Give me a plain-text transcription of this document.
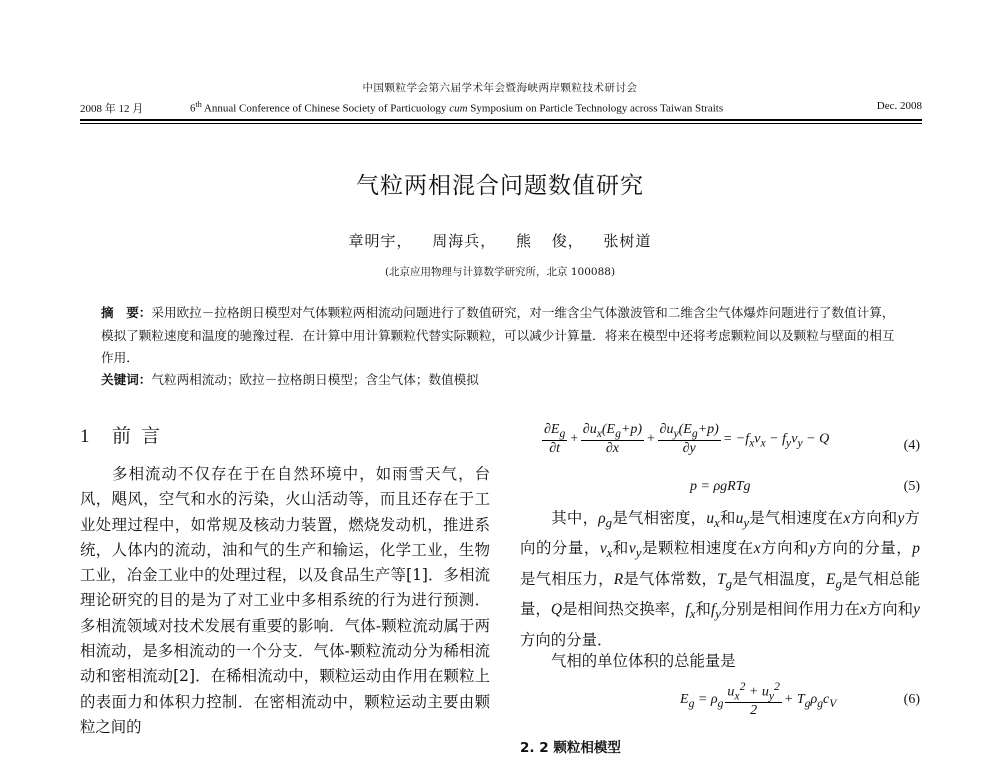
中国颗粒学会第六届学术年会暨海峡两岸颗粒技术研讨会
2008 年 12 月	6th Annual Conference of Chinese Society of Particuology cum Symposium on Particle Technology across Taiwan Straits	Dec. 2008
气粒两相混合问题数值研究
章明宇， 周海兵， 熊 俊， 张树道
(北京应用物理与计算数学研究所，北京 100088)
摘　要：采用欧拉－拉格朗日模型对气体颗粒两相流动问题进行了数值研究，对一维含尘气体激波管和二维含尘气体爆炸问题进行了数值计算，模拟了颗粒速度和温度的驰豫过程．在计算中用计算颗粒代替实际颗粒，可以减少计算量．将来在模型中还将考虑颗粒间以及颗粒与壁面的相互作用．
关键词：气粒两相流动；欧拉－拉格朗日模型；含尘气体；数值模拟
1 前言
多相流动不仅存在于在自然环境中，如雨雪天气，台风，飓风，空气和水的污染，火山活动等，而且还存在于工业处理过程中，如常规及核动力装置，燃烧发动机，推进系统，人体内的流动，油和气的生产和输运，化学工业，生物工业，冶金工业中的处理过程，以及食品生产等[1]．多相流理论研究的目的是为了对工业中多相系统的行为进行预测．多相流领域对技术发展有重要的影响．气体-颗粒流动属于两相流动，是多相流动的一个分支．气体-颗粒流动分为稀相流动和密相流动[2]．在稀相流动中，颗粒运动由作用在颗粒上的表面力和体积力控制．在密相流动中，颗粒运动主要由颗粒之间的
$\frac{\partial E_g}{\partial t} + \frac{\partial u_x(E_g+p)}{\partial x} + \frac{\partial u_y(E_g+p)}{\partial y} = -f_xv_x - f_yv_y - Q$	(4)
p = ρgRTg	(5)
其中，$\rho_g$是气相密度，$u_x$和$u_y$是气相速度在x方向和y方向的分量，$v_x$和$v_y$是颗粒相速度在x方向和y方向的分量，p是气相压力，R是气体常数，$T_g$是气相温度，$E_g$是气相总能量，Q是相间热交换率，$f_x$和$f_y$分别是相间作用力在x方向和y方向的分量．
气相的单位体积的总能量是
$E_g = \rho_g \frac{u_x^2 + u_y^2}{2} + T_g\rho_gc_V$	(6)
2. 2 颗粒相模型
